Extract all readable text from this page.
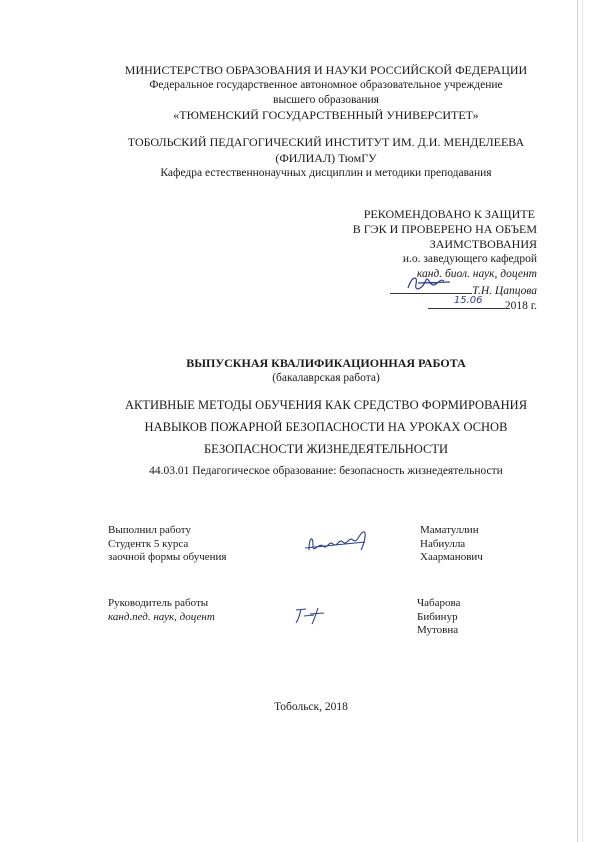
МИНИСТЕРСТВО ОБРАЗОВАНИЯ И НАУКИ РОССИЙСКОЙ ФЕДЕРАЦИИ
Федеральное государственное автономное образовательное учреждение
высшего образования
«ТЮМЕНСКИЙ ГОСУДАРСТВЕННЫЙ УНИВЕРСИТЕТ»
ТОБОЛЬСКИЙ ПЕДАГОГИЧЕСКИЙ ИНСТИТУТ ИМ. Д.И. МЕНДЕЛЕЕВА
(ФИЛИАЛ) ТюмГУ
Кафедра естественнонаучных дисциплин и методики преподавания
РЕКОМЕНДОВАНО К ЗАЩИТЕ
В ГЭК И ПРОВЕРЕНО НА ОБЪЕМ
ЗАИМСТВОВАНИЯ
и.о. заведующего кафедрой
канд. биол. наук, доцент
Т.Н. Цапцова
15.06 2018 г.
ВЫПУСКНАЯ КВАЛИФИКАЦИОННАЯ РАБОТА
(бакалаврская работа)
АКТИВНЫЕ МЕТОДЫ ОБУЧЕНИЯ КАК СРЕДСТВО ФОРМИРОВАНИЯ
НАВЫКОВ ПОЖАРНОЙ БЕЗОПАСНОСТИ НА УРОКАХ ОСНОВ
БЕЗОПАСНОСТИ ЖИЗНЕДЕЯТЕЛЬНОСТИ
44.03.01 Педагогическое образование: безопасность жизнедеятельности
Выполнил работу
Студентк 5 курса
заочной формы обучения
Маматуллин
Набиулла
Хаарманович
Руководитель работы
канд.пед. наук, доцент
Чабарова
Бибинур
Мутовна
Тобольск, 2018
